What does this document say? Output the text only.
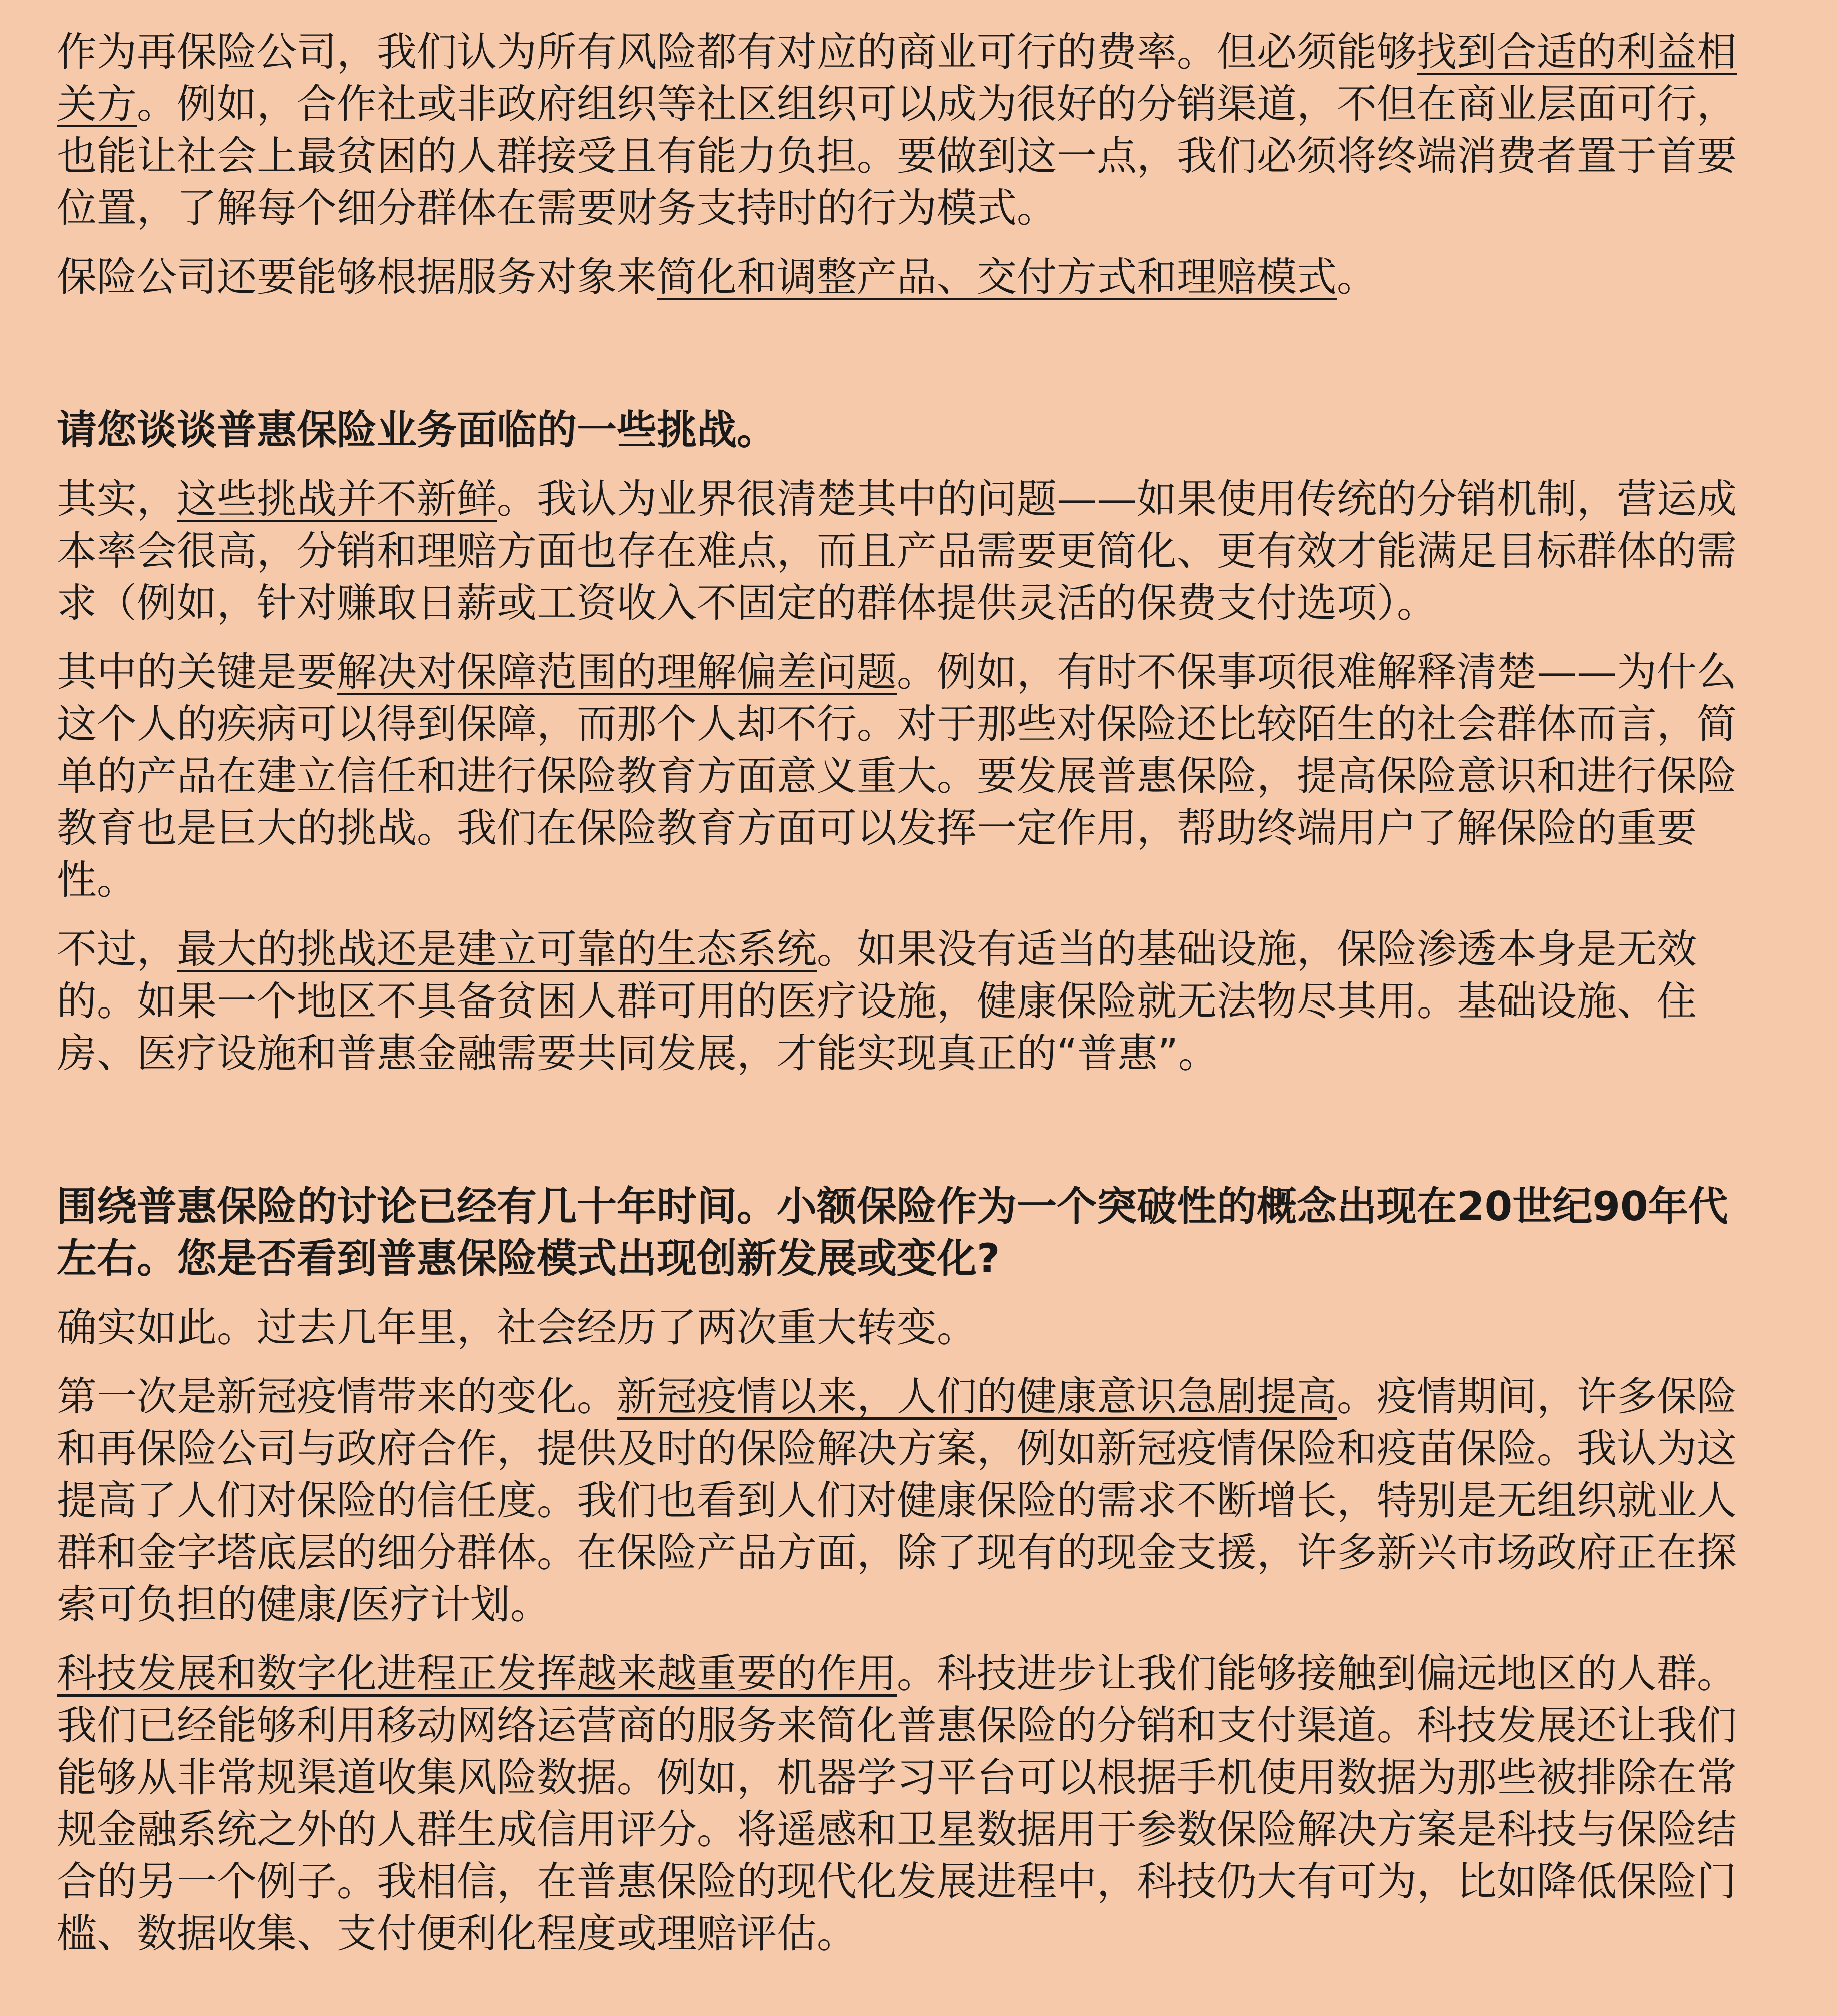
作为再保险公司，我们认为所有风险都有对应的商业可行的费率。但必须能够找到合适的利益相关方。例如，合作社或非政府组织等社区组织可以成为很好的分销渠道，不但在商业层面可行，也能让社会上最贫困的人群接受且有能力负担。要做到这一点，我们必须将终端消费者置于首要位置，了解每个细分群体在需要财务支持时的行为模式。

保险公司还要能够根据服务对象来简化和调整产品、交付方式和理赔模式。

请您谈谈普惠保险业务面临的一些挑战。

其实，这些挑战并不新鲜。我认为业界很清楚其中的问题——如果使用传统的分销机制，营运成本率会很高，分销和理赔方面也存在难点，而且产品需要更简化、更有效才能满足目标群体的需求（例如，针对赚取日薪或工资收入不固定的群体提供灵活的保费支付选项）。

其中的关键是要解决对保障范围的理解偏差问题。例如，有时不保事项很难解释清楚——为什么这个人的疾病可以得到保障，而那个人却不行。对于那些对保险还比较陌生的社会群体而言，简单的产品在建立信任和进行保险教育方面意义重大。要发展普惠保险，提高保险意识和进行保险教育也是巨大的挑战。我们在保险教育方面可以发挥一定作用，帮助终端用户了解保险的重要性。

不过，最大的挑战还是建立可靠的生态系统。如果没有适当的基础设施，保险渗透本身是无效的。如果一个地区不具备贫困人群可用的医疗设施，健康保险就无法物尽其用。基础设施、住房、医疗设施和普惠金融需要共同发展，才能实现真正的“普惠”。

围绕普惠保险的讨论已经有几十年时间。小额保险作为一个突破性的概念出现在20世纪90年代左右。您是否看到普惠保险模式出现创新发展或变化?

确实如此。过去几年里，社会经历了两次重大转变。

第一次是新冠疫情带来的变化。新冠疫情以来，人们的健康意识急剧提高。疫情期间，许多保险和再保险公司与政府合作，提供及时的保险解决方案，例如新冠疫情保险和疫苗保险。我认为这提高了人们对保险的信任度。我们也看到人们对健康保险的需求不断增长，特别是无组织就业人群和金字塔底层的细分群体。在保险产品方面，除了现有的现金支援，许多新兴市场政府正在探索可负担的健康/医疗计划。

科技发展和数字化进程正发挥越来越重要的作用。科技进步让我们能够接触到偏远地区的人群。我们已经能够利用移动网络运营商的服务来简化普惠保险的分销和支付渠道。科技发展还让我们能够从非常规渠道收集风险数据。例如，机器学习平台可以根据手机使用数据为那些被排除在常规金融系统之外的人群生成信用评分。将遥感和卫星数据用于参数保险解决方案是科技与保险结合的另一个例子。我相信，在普惠保险的现代化发展进程中，科技仍大有可为，比如降低保险门槛、数据收集、支付便利化程度或理赔评估。
